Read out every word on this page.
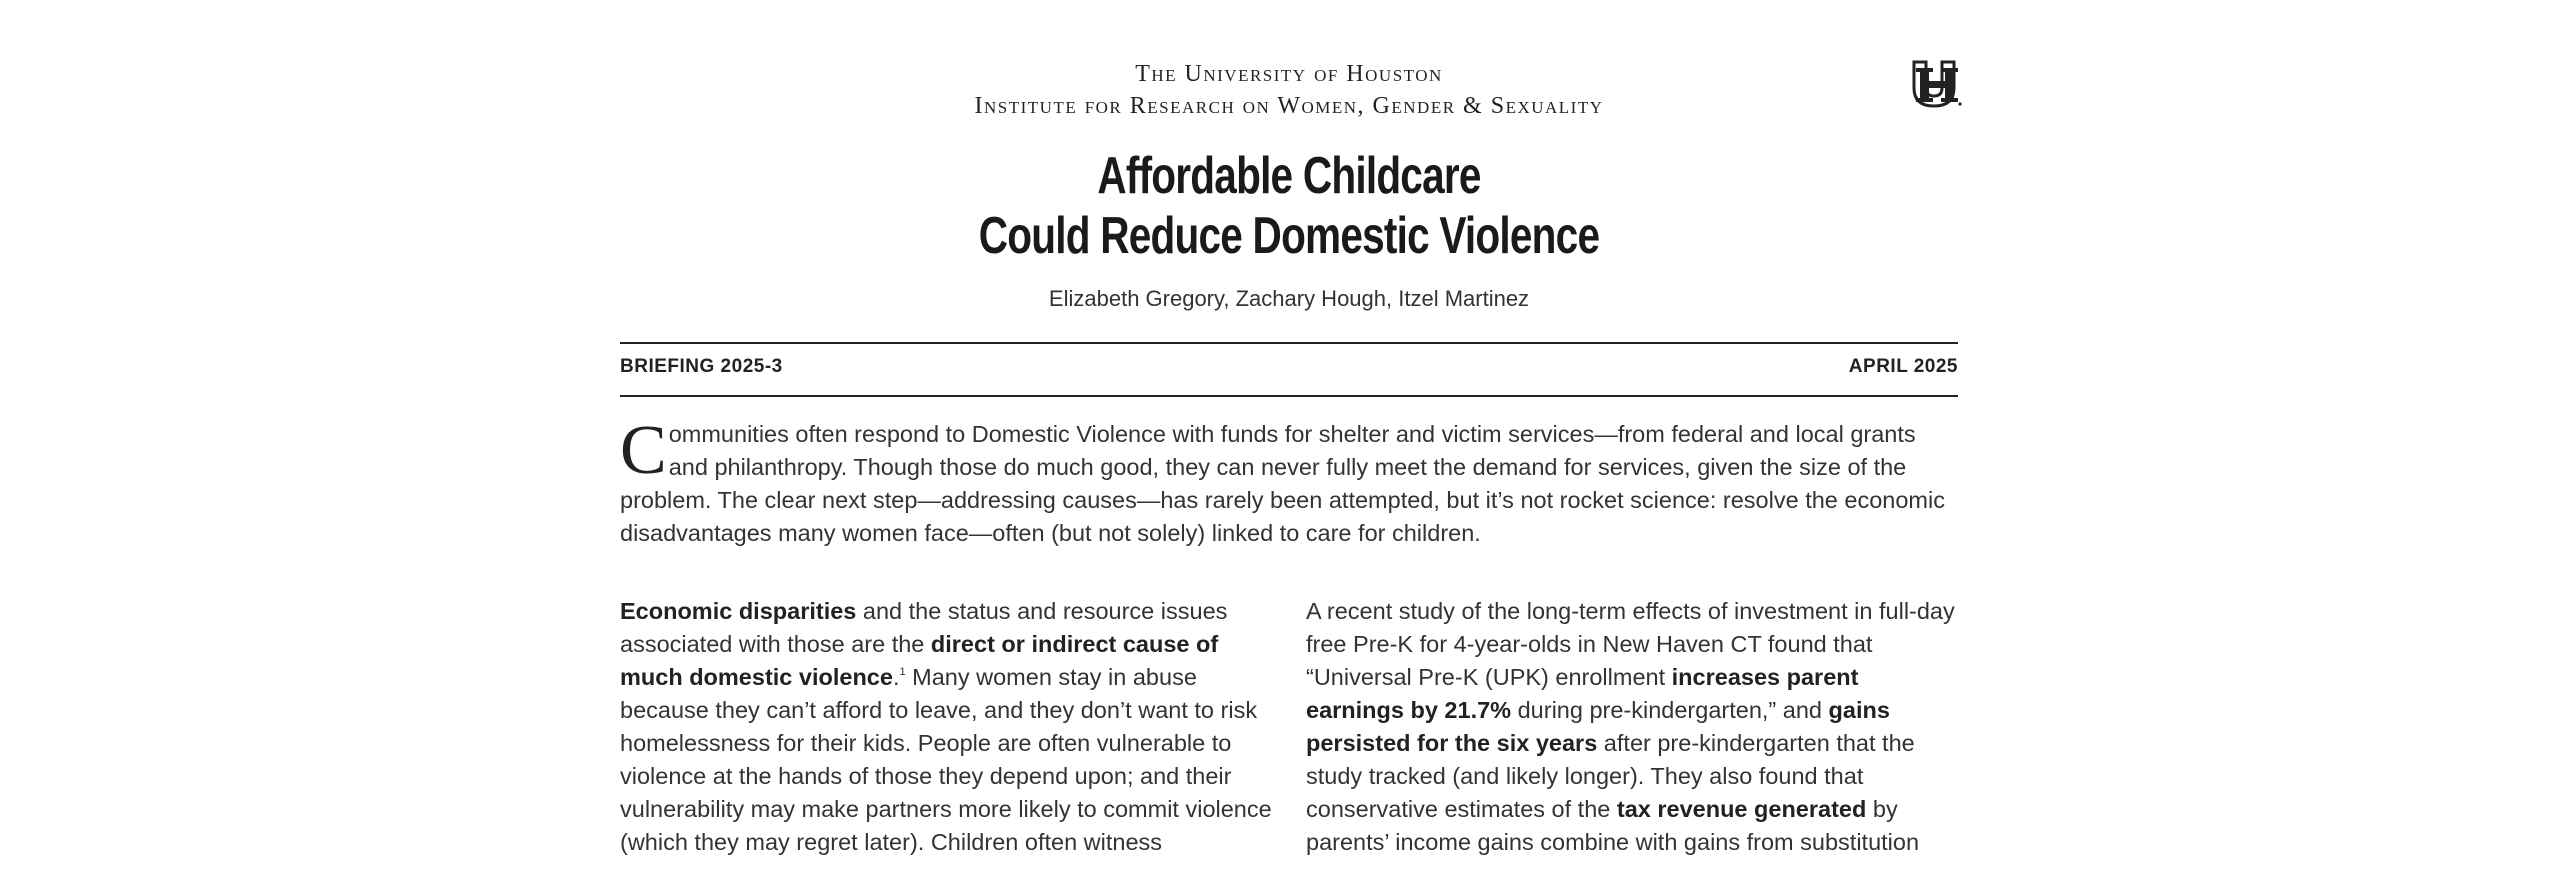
The University of Houston
Institute for Research on Women, Gender & Sexuality
Affordable Childcare
Could Reduce Domestic Violence
Elizabeth Gregory, Zachary Hough, Itzel Martinez
BRIEFING 2025-3	APRIL 2025
Communities often respond to Domestic Violence with funds for shelter and victim services—from federal and local grants and philanthropy. Though those do much good, they can never fully meet the demand for services, given the size of the problem. The clear next step—addressing causes—has rarely been attempted, but it’s not rocket science: resolve the economic disadvantages many women face—often (but not solely) linked to care for children.
Economic disparities and the status and resource issues associated with those are the direct or indirect cause of much domestic violence.$^1$ Many women stay in abuse because they can’t afford to leave, and they don’t want to risk homelessness for their kids. People are often vulnerable to violence at the hands of those they depend upon; and their vulnerability may make partners more likely to commit violence (which they may regret later). Children often witness
A recent study of the long-term effects of investment in full-day free Pre-K for 4-year-olds in New Haven CT found that “Universal Pre-K (UPK) enrollment increases parent earnings by 21.7% during pre-kindergarten,” and gains persisted for the six years after pre-kindergarten that the study tracked (and likely longer). They also found that conservative estimates of the tax revenue generated by parents’ income gains combine with gains from substitution
